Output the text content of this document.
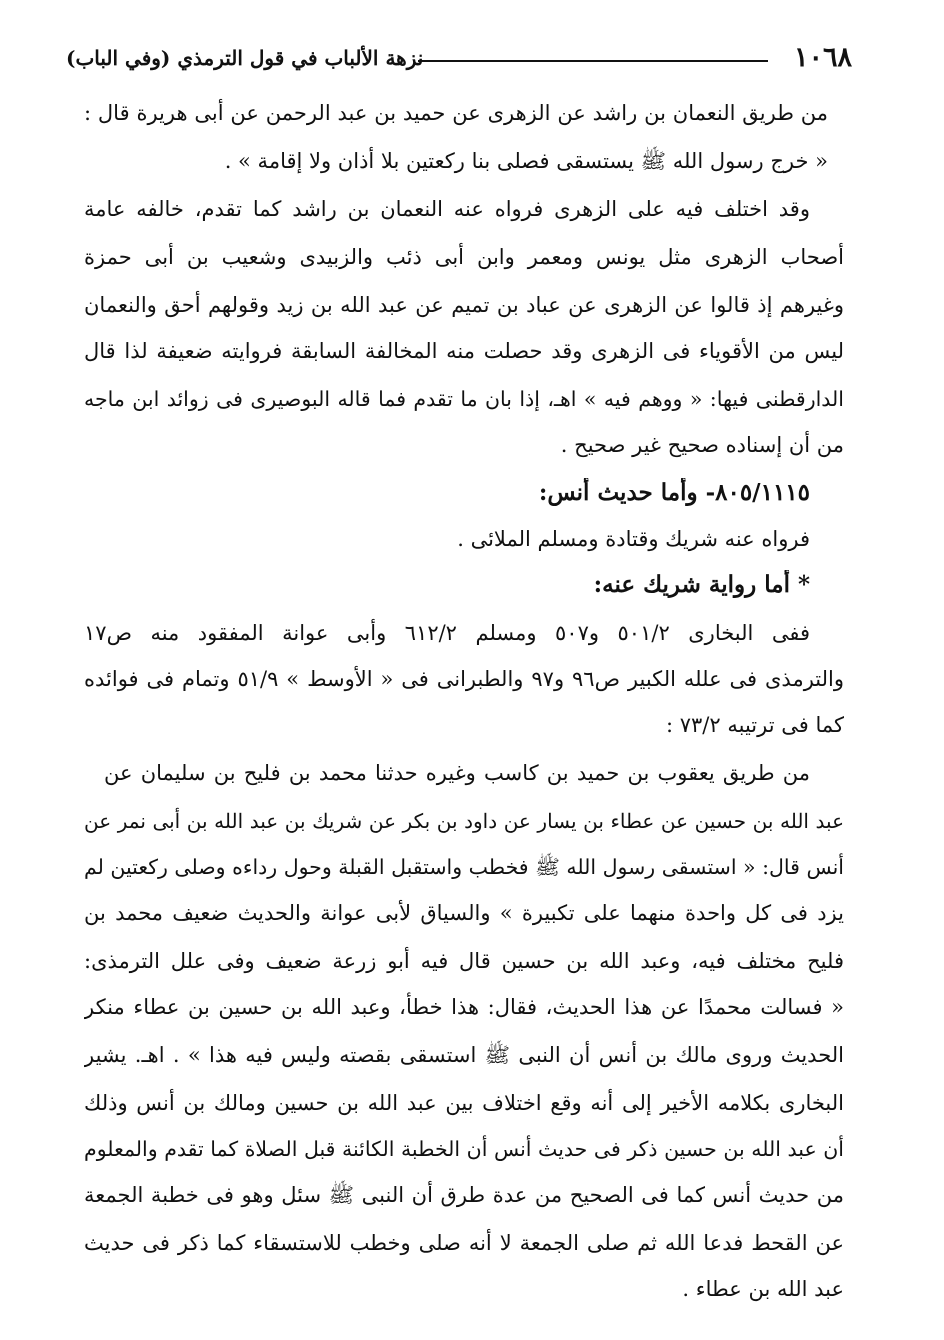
١٠٦٨
نزهة الألباب في قول الترمذي (وفي الباب)
من طريق النعمان بن راشد عن الزهرى عن حميد بن عبد الرحمن عن أبى هريرة قال :
« خرج رسول الله ﷺ يستسقى فصلى بنا ركعتين بلا أذان ولا إقامة » .
وقد اختلف فيه على الزهرى فرواه عنه النعمان بن راشد كما تقدم، خالفه عامة
أصحاب الزهرى مثل يونس ومعمر وابن أبى ذئب والزبيدى وشعيب بن أبى حمزة
وغيرهم إذ قالوا عن الزهرى عن عباد بن تميم عن عبد الله بن زيد وقولهم أحق والنعمان
ليس من الأقوياء فى الزهرى وقد حصلت منه المخالفة السابقة فروايته ضعيفة لذا قال
الدارقطنى فيها: « ووهم فيه » اهـ، إذا بان ما تقدم فما قاله البوصيرى فى زوائد ابن ماجه
من أن إسناده صحيح غير صحيح .
٨٠٥/١١١٥- وأما حديث أنس:
فرواه عنه شريك وقتادة ومسلم الملائى .
* أما رواية شريك عنه:
ففى البخارى ٥٠١/٢ و٥٠٧ ومسلم ٦١٢/٢ وأبى عوانة المفقود منه ص١٧
والترمذى فى علله الكبير ص٩٦ و٩٧ والطبرانى فى « الأوسط » ٥١/٩ وتمام فى فوائده
كما فى ترتيبه ٧٣/٢ :
من طريق يعقوب بن حميد بن كاسب وغيره حدثنا محمد بن فليح بن سليمان عن
عبد الله بن حسين عن عطاء بن يسار عن داود بن بكر عن شريك بن عبد الله بن أبى نمر عن
أنس قال: « استسقى رسول الله ﷺ فخطب واستقبل القبلة وحول رداءه وصلى ركعتين لم
يزد فى كل واحدة منهما على تكبيرة » والسياق لأبى عوانة والحديث ضعيف محمد بن
فليح مختلف فيه، وعبد الله بن حسين قال فيه أبو زرعة ضعيف وفى علل الترمذى:
« فسالت محمدًا عن هذا الحديث، فقال: هذا خطأ، وعبد الله بن حسين بن عطاء منكر
الحديث وروى مالك بن أنس أن النبى ﷺ استسقى بقصته وليس فيه هذا » . اهـ. يشير
البخارى بكلامه الأخير إلى أنه وقع اختلاف بين عبد الله بن حسين ومالك بن أنس وذلك
أن عبد الله بن حسين ذكر فى حديث أنس أن الخطبة الكائنة قبل الصلاة كما تقدم والمعلوم
من حديث أنس كما فى الصحيح من عدة طرق أن النبى ﷺ سئل وهو فى خطبة الجمعة
عن القحط فدعا الله ثم صلى الجمعة لا أنه صلى وخطب للاستسقاء كما ذكر فى حديث
عبد الله بن عطاء .
